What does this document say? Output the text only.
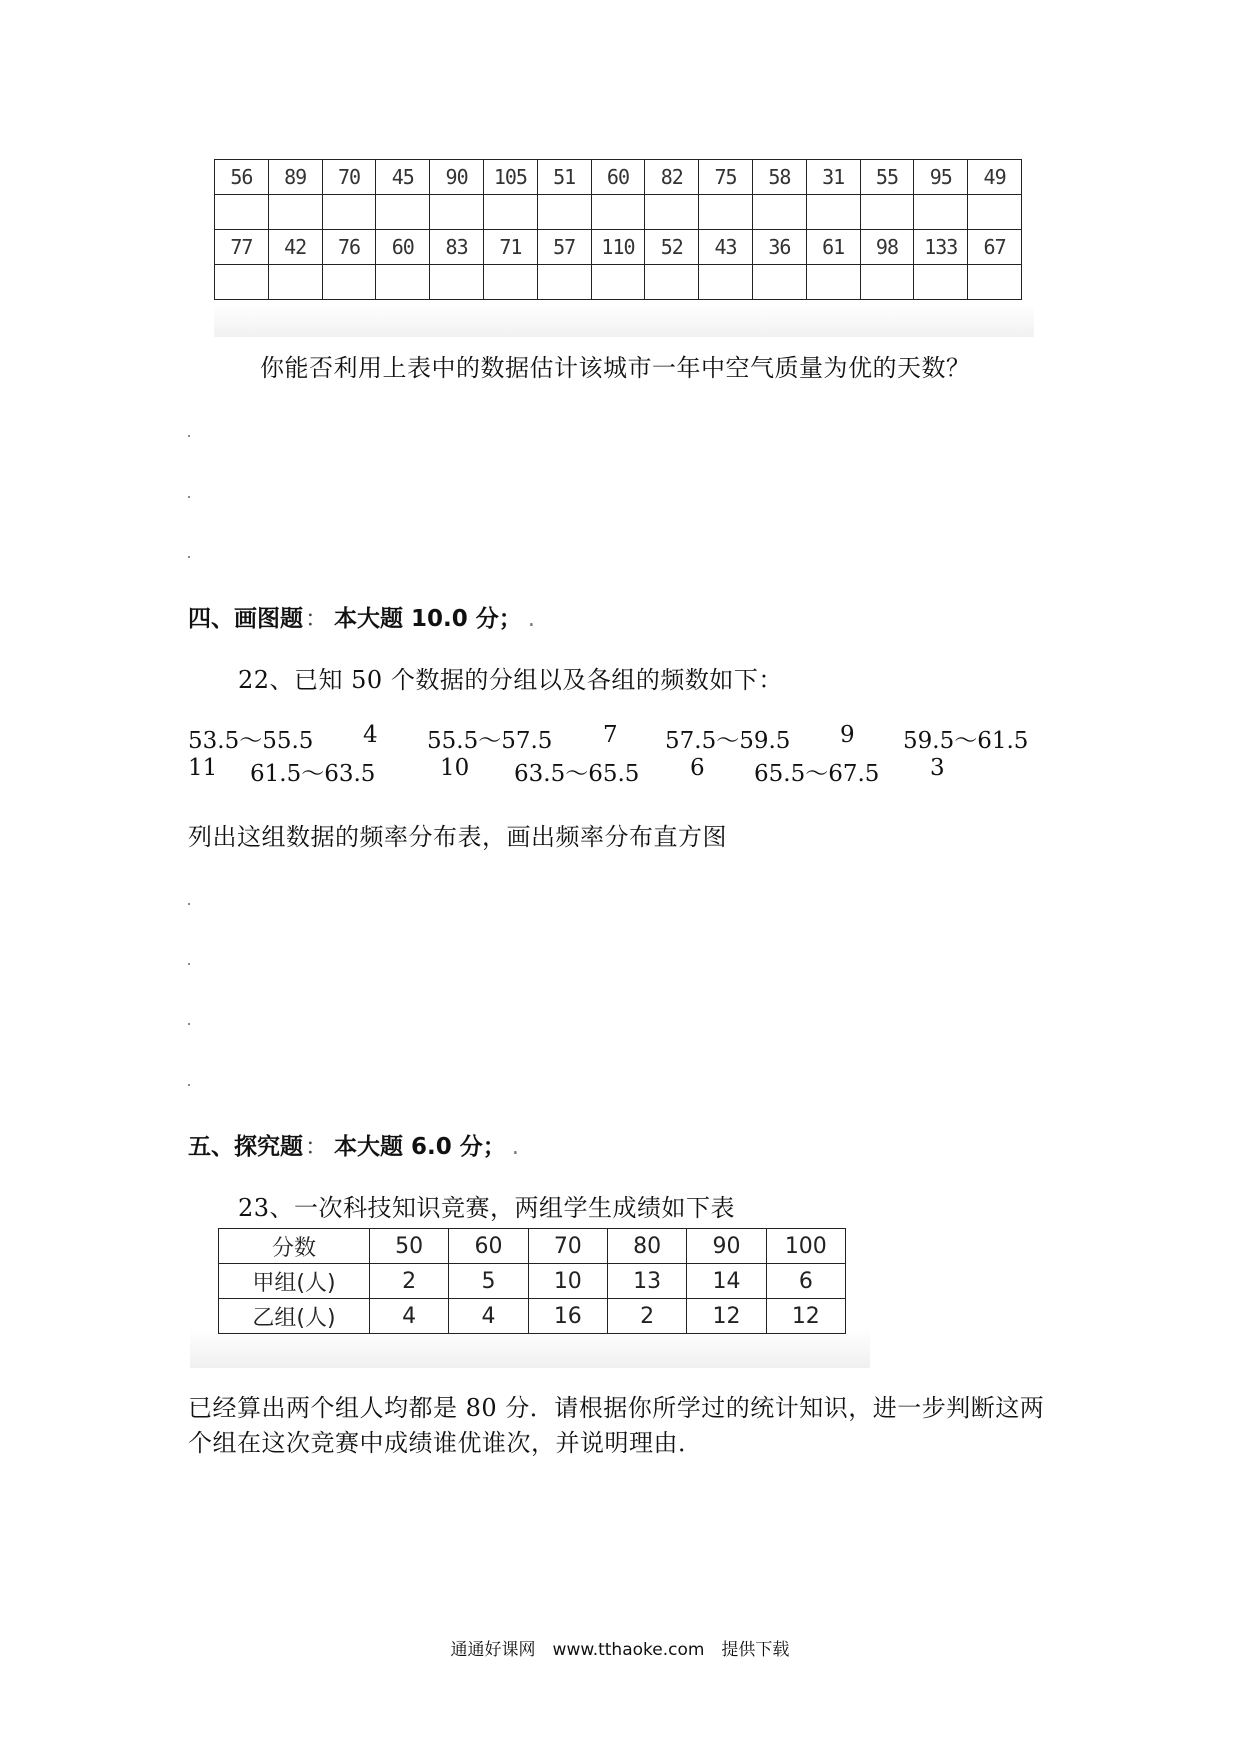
56	89	70	45	90	105	51	60	82	75	58	31	55	95	49

77	42	76	60	83	71	57	110	52	43	36	61	98	133	67

你能否利用上表中的数据估计该城市一年中空气质量为优的天数？
四、画图题： 本大题 10.0 分； .
22、已知 50 个数据的分组以及各组的频数如下：
53.5～55.5 4 55.5～57.5 7 57.5～59.5 9 59.5～61.5
11 61.5～63.5	10 63.5～65.5 6 65.5～67.5 3
列出这组数据的频率分布表，画出频率分布直方图
五、探究题： 本大题 6.0 分； .
23、一次科技知识竞赛，两组学生成绩如下表
分数	50	60	70	80	90	100
甲组(人)	2	5	10	13	14	6
乙组(人)	4	4	16	2	12	12
已经算出两个组人均都是 80 分．请根据你所学过的统计知识，进一步判断这两
个组在这次竞赛中成绩谁优谁次，并说明理由．
通通好课网　www.tthaoke.com　提供下载
